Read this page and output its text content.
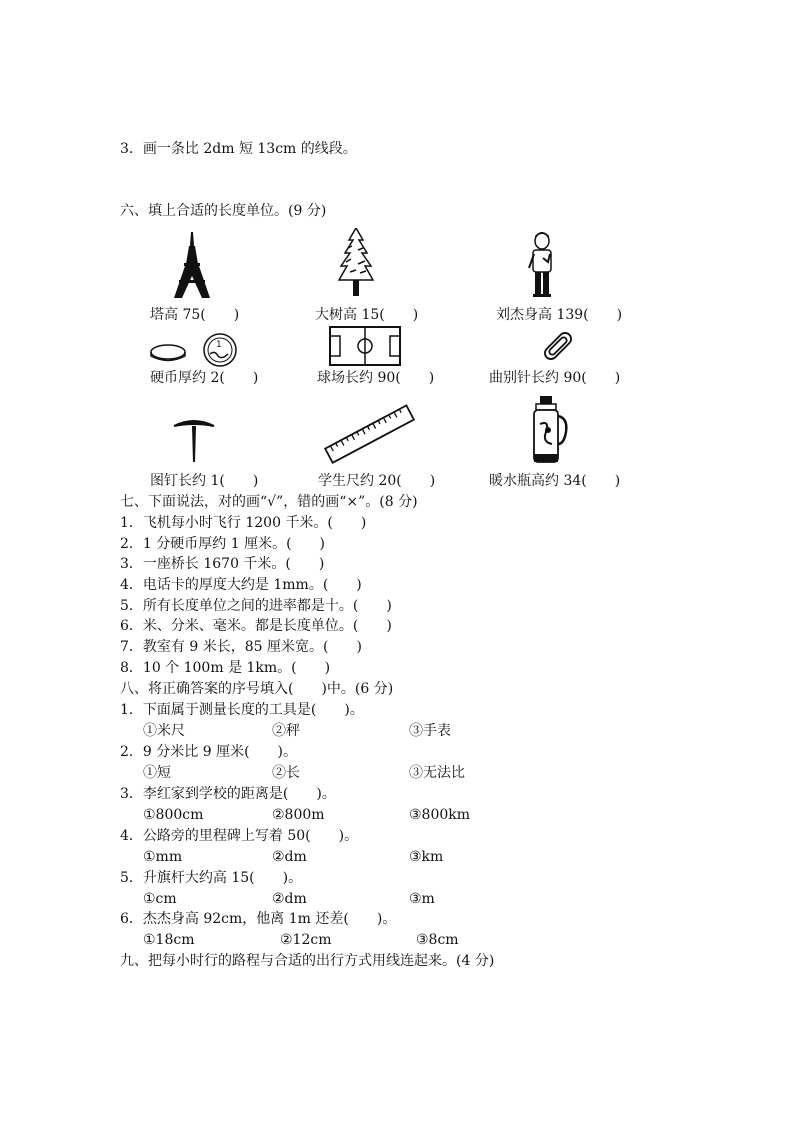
3．画一条比 2dm 短 13cm 的线段。
六、填上合适的长度单位。(9 分)
塔高 75(　　)	大树高 15(　　)	刘杰身高 139(　　)
1
硬币厚约 2(　　)	球场长约 90(　　)	曲别针长约 90(　　)
图钉长约 1(　　)	学生尺约 20(　　)	暖水瓶高约 34(　　)
七、下面说法，对的画“√”，错的画“×”。(8 分)
1．飞机每小时飞行 1200 千米。(　　)
2．1 分硬币厚约 1 厘米。(　　)
3．一座桥长 1670 千米。(　　)
4．电话卡的厚度大约是 1mm。(　　)
5．所有长度单位之间的进率都是十。(　　)
6．米、分米、毫米。都是长度单位。(　　)
7．教室有 9 米长，85 厘米宽。(　　)
8．10 个 100m 是 1km。(　　)
八、将正确答案的序号填入(　　)中。(6 分)
1．下面属于测量长度的工具是(　　)。
①米尺	②秤	③手表
2．9 分米比 9 厘米(　　)。
①短	②长	③无法比
3．李红家到学校的距离是(　　)。
①800cm	②800m	③800km
4．公路旁的里程碑上写着 50(　　)。
①mm	②dm	③km
5．升旗杆大约高 15(　　)。
①cm	②dm	③m
6．杰杰身高 92cm，他离 1m 还差(　　)。
①18cm	②12cm	③8cm
九、把每小时行的路程与合适的出行方式用线连起来。(4 分)
